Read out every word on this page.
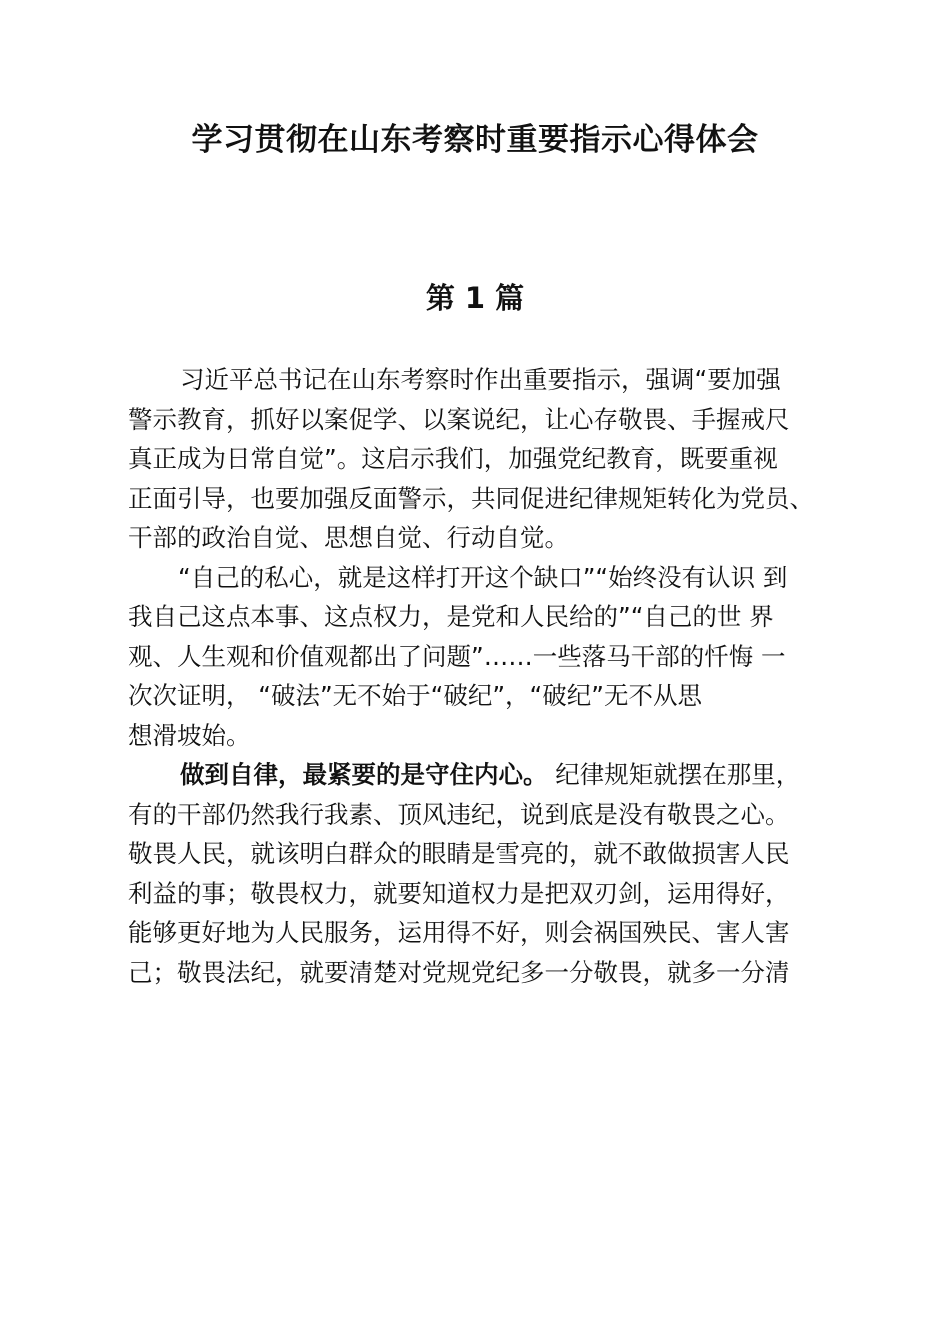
学习贯彻在山东考察时重要指示心得体会
第 1 篇
习近平总书记在山东考察时作出重要指示，强调“要加强
警示教育，抓好以案促学、以案说纪，让心存敬畏、手握戒尺
真正成为日常自觉”。这启示我们，加强党纪教育，既要重视
正面引导，也要加强反面警示，共同促进纪律规矩转化为党员、
干部的政治自觉、思想自觉、行动自觉。
“自己的私心，就是这样打开这个缺口”“始终没有认识 到
我自己这点本事、这点权力，是党和人民给的”“自己的世 界
观、人生观和价值观都出了问题”……一些落马干部的忏悔 一
次次证明， “破法”无不始于“破纪”，“破纪”无不从思
想滑坡始。
做到自律，最紧要的是守住内心。 纪律规矩就摆在那里，
有的干部仍然我行我素、顶风违纪，说到底是没有敬畏之心。
敬畏人民，就该明白群众的眼睛是雪亮的，就不敢做损害人民
利益的事；敬畏权力，就要知道权力是把双刃剑，运用得好，
能够更好地为人民服务，运用得不好，则会祸国殃民、害人害
己；敬畏法纪，就要清楚对党规党纪多一分敬畏，就多一分清
